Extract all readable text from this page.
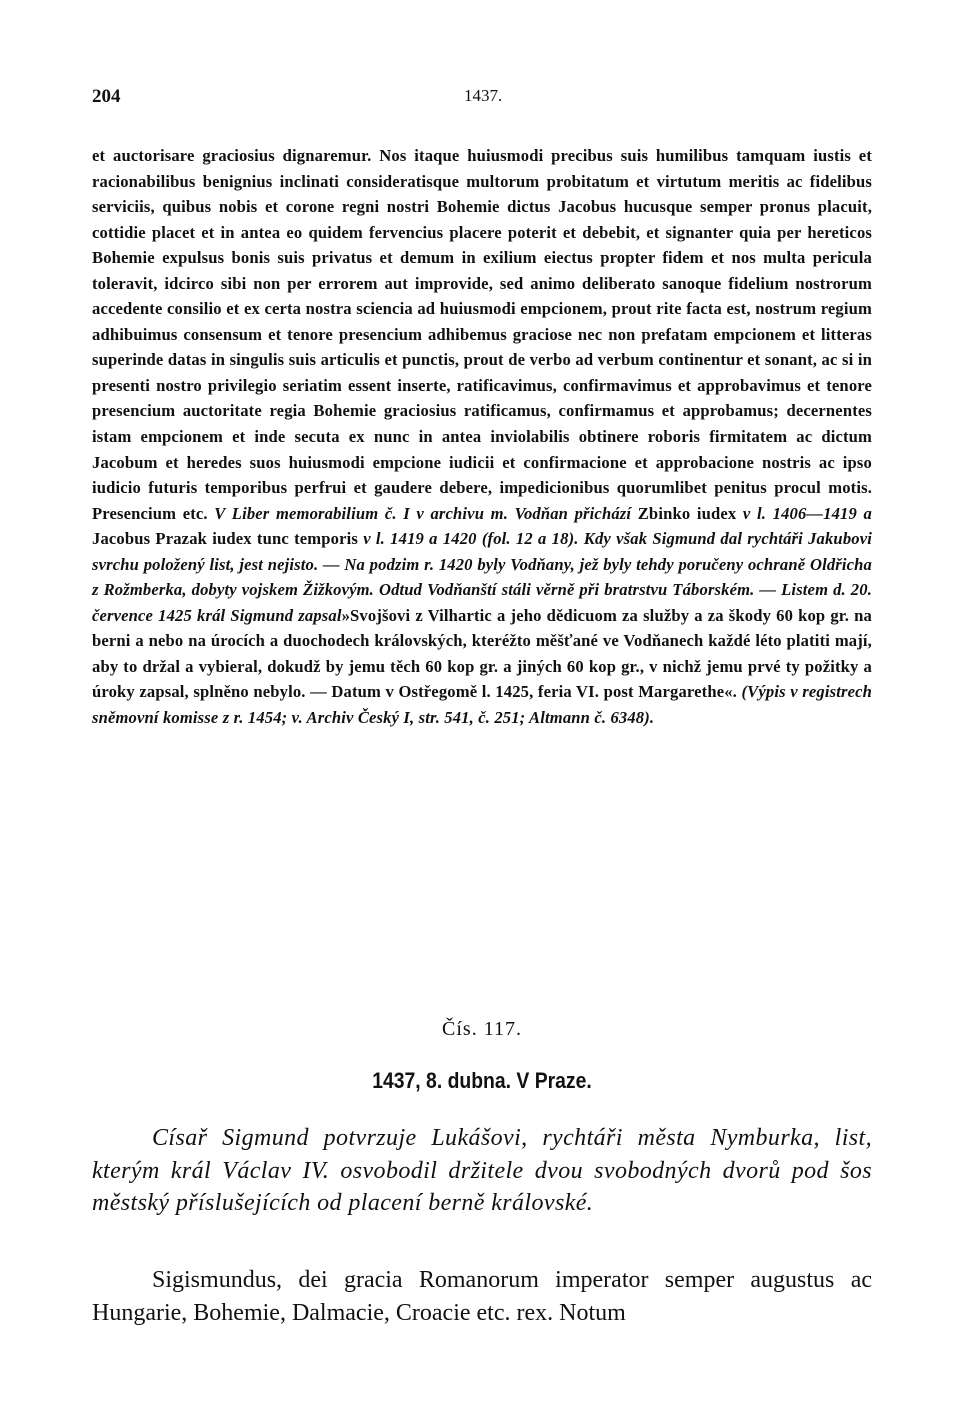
204	1437.

et auctorisare graciosius dignaremur. Nos itaque huiusmodi precibus suis humilibus tamquam iustis et racionabilibus benignius inclinati consideratisque multorum probitatum et virtutum meritis ac fidelibus serviciis, quibus nobis et corone regni nostri Bohemie dictus Jacobus hucusque semper pronus placuit, cottidie placet et in antea eo quidem fervencius placere poterit et debebit, et signanter quia per hereticos Bohemie expulsus bonis suis privatus et demum in exilium eiectus propter fidem et nos multa pericula toleravit, idcirco sibi non per errorem aut improvide, sed animo deliberato sanoque fidelium nostrorum accedente consilio et ex certa nostra sciencia ad huiusmodi empcionem, prout rite facta est, nostrum regium adhibuimus consensum et tenore presencium adhibemus graciose nec non prefatam empcionem et litteras superinde datas in singulis suis articulis et punctis, prout de verbo ad verbum continentur et sonant, ac si in presenti nostro privilegio seriatim essent inserte, ratificavimus, confirmavimus et approbavimus et tenore presencium auctoritate regia Bohemie graciosius ratificamus, confirmamus et approbamus; decernentes istam empcionem et inde secuta ex nunc in antea inviolabilis obtinere roboris firmitatem ac dictum Jacobum et heredes suos huiusmodi empcione iudicii et confirmacione et approbacione nostris ac ipso iudicio futuris temporibus perfrui et gaudere debere, impedicionibus quorumlibet penitus procul motis. Presencium etc. V Liber memorabilium č. I v archivu m. Vodňan přichází Zbinko iudex v l. 1406—1419 a Jacobus Prazak iudex tunc temporis v l. 1419 a 1420 (fol. 12 a 18). Kdy však Sigmund dal rychtáři Jakubovi svrchu položený list, jest nejisto. — Na podzim r. 1420 byly Vodňany, jež byly tehdy poručeny ochraně Oldřicha z Rožmberka, dobyty vojskem Žižkovým. Odtud Vodňanští stáli věrně při bratrstvu Táborském. — Listem d. 20. července 1425 král Sigmund zapsal»Svojšovi z Vilhartic a jeho dědicuom za službу a za škody 60 kop gr. na berni a nebo na úrocích a duochodech královských, kteréžto měšťané ve Vodňanech každé léto platiti mají, aby to držal a vybieral, dokudž by jemu těch 60 kop gr. a jiných 60 kop gr., v nichž jemu prvé ty požitky a úroky zapsal, splněno nebylo. — Datum v Ostřegomě l. 1425, feria VI. post Margarethe«. (Výpis v registrech sněmovní komisse z r. 1454; v. Archiv Český I, str. 541, č. 251; Altmann č. 6348).

Čís. 117.
1437, 8. dubna. V Praze.

Císař Sigmund potvrzuje Lukášovi, rychtáři města Nymburka, list, kterým král Václav IV. osvobodil držitele dvou svobodných dvorů pod šos městský příslušejících od placení berně královské.

Sigismundus, dei gracia Romanorum imperator semper augustus ac Hungarie, Bohemie, Dalmacie, Croacie etc. rex. Notum
